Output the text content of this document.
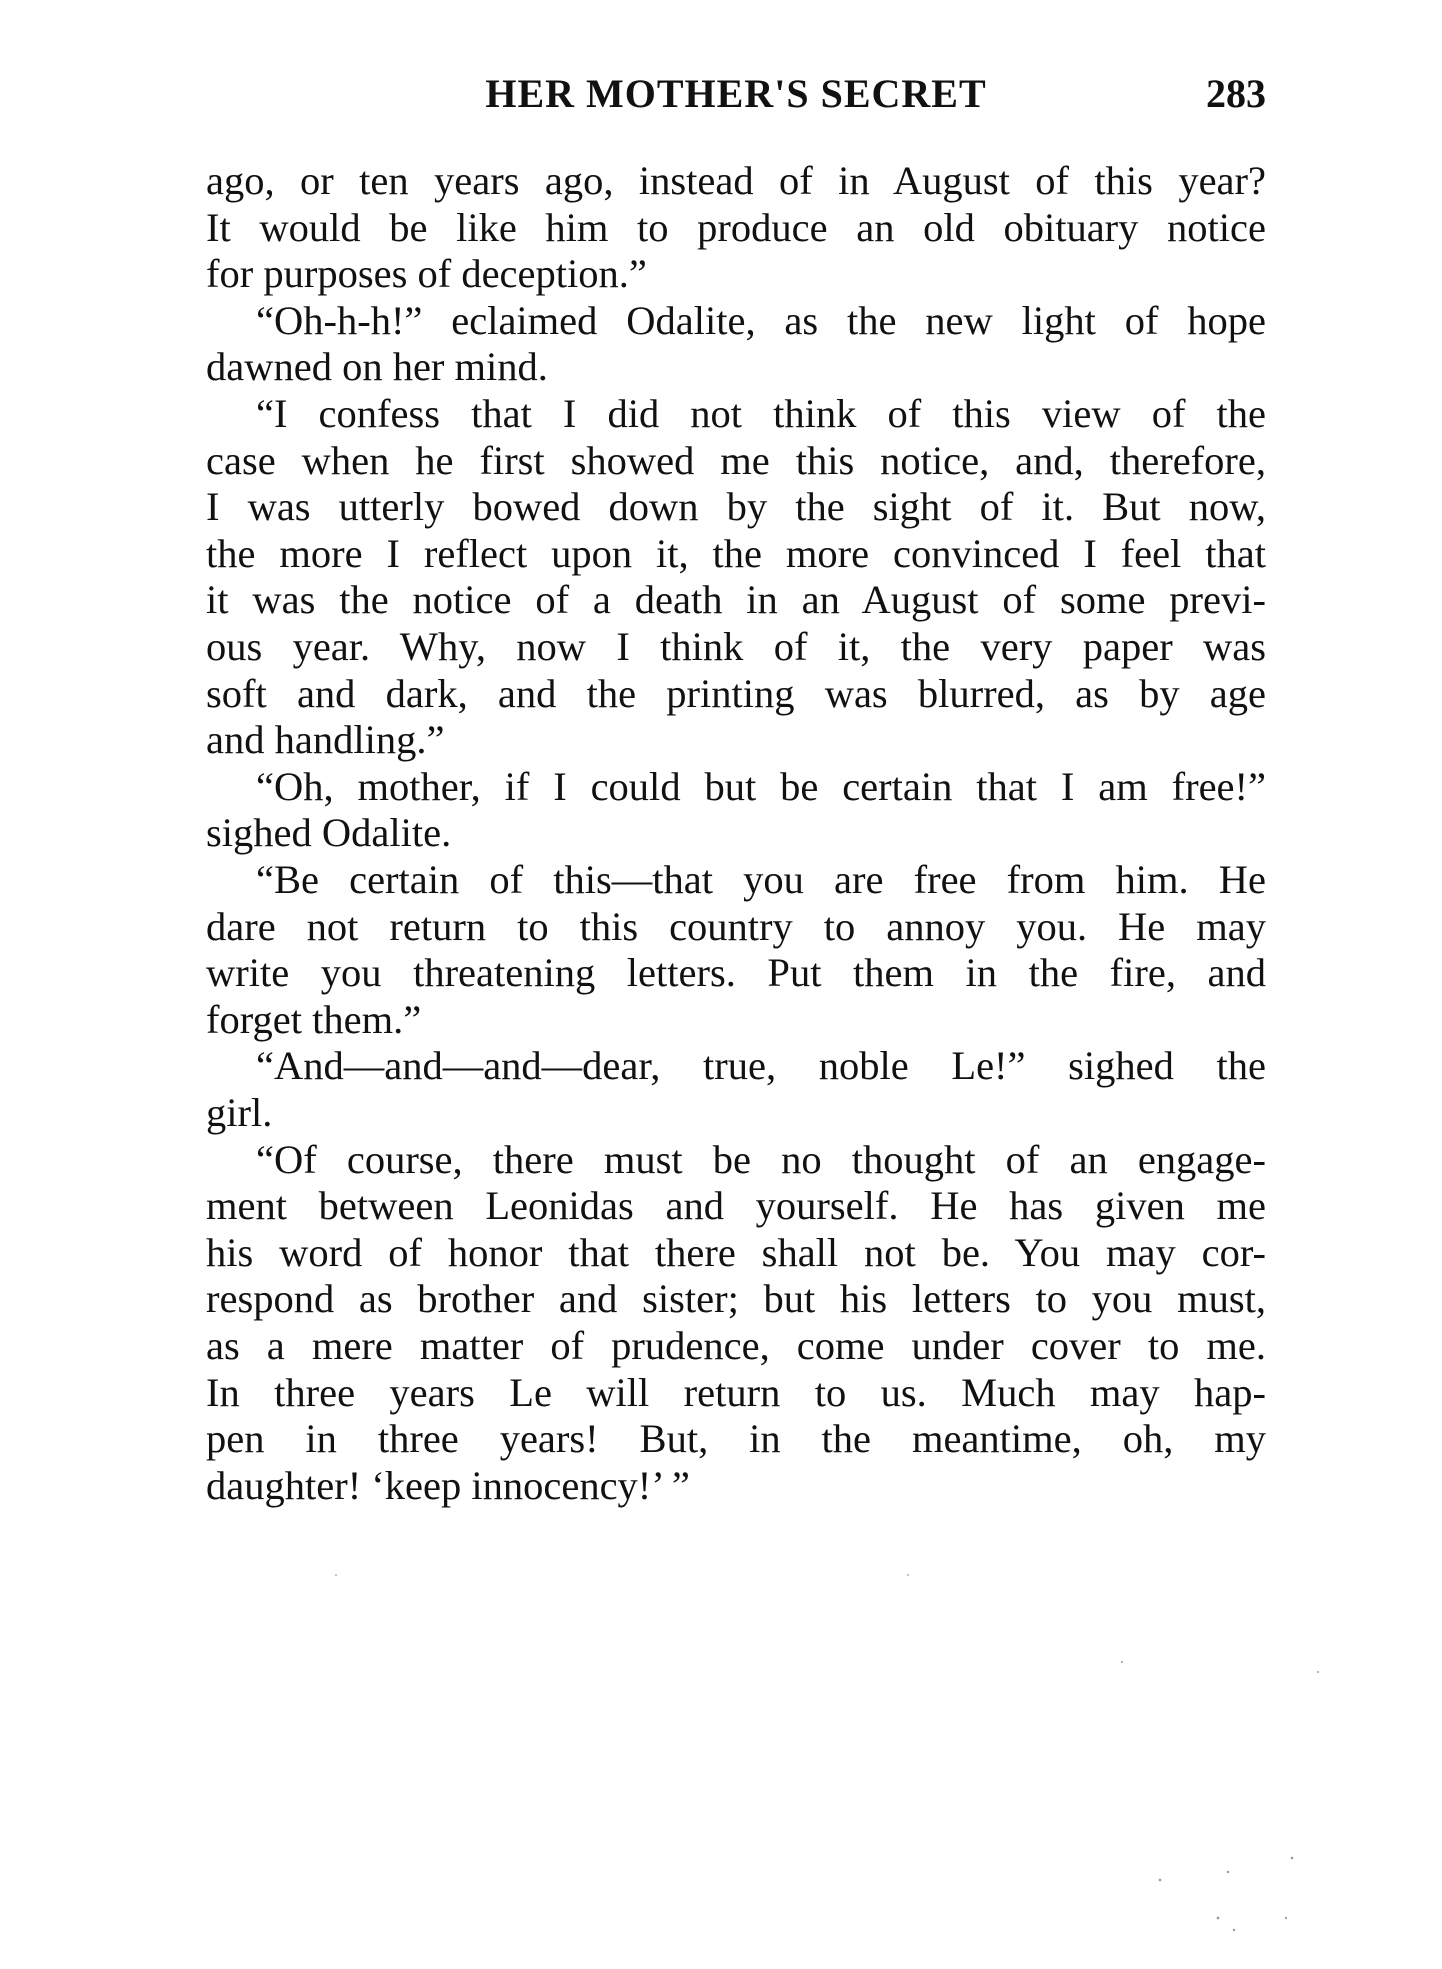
HER MOTHER'S SECRET	283
ago, or ten years ago, instead of in August of this year?
It would be like him to produce an old obituary notice
for purposes of deception.”
“Oh-h-h!” eclaimed Odalite, as the new light of hope
dawned on her mind.
“I confess that I did not think of this view of the
case when he first showed me this notice, and, therefore,
I was utterly bowed down by the sight of it. But now,
the more I reflect upon it, the more convinced I feel that
it was the notice of a death in an August of some previ-
ous year. Why, now I think of it, the very paper was
soft and dark, and the printing was blurred, as by age
and handling.”
“Oh, mother, if I could but be certain that I am free!”
sighed Odalite.
“Be certain of this—that you are free from him. He
dare not return to this country to annoy you. He may
write you threatening letters. Put them in the fire, and
forget them.”
“And—and—and—dear, true, noble Le!” sighed the
girl.
“Of course, there must be no thought of an engage-
ment between Leonidas and yourself. He has given me
his word of honor that there shall not be. You may cor-
respond as brother and sister; but his letters to you must,
as a mere matter of prudence, come under cover to me.
In three years Le will return to us. Much may hap-
pen in three years! But, in the meantime, oh, my
daughter! ‘keep innocency!’ ”
